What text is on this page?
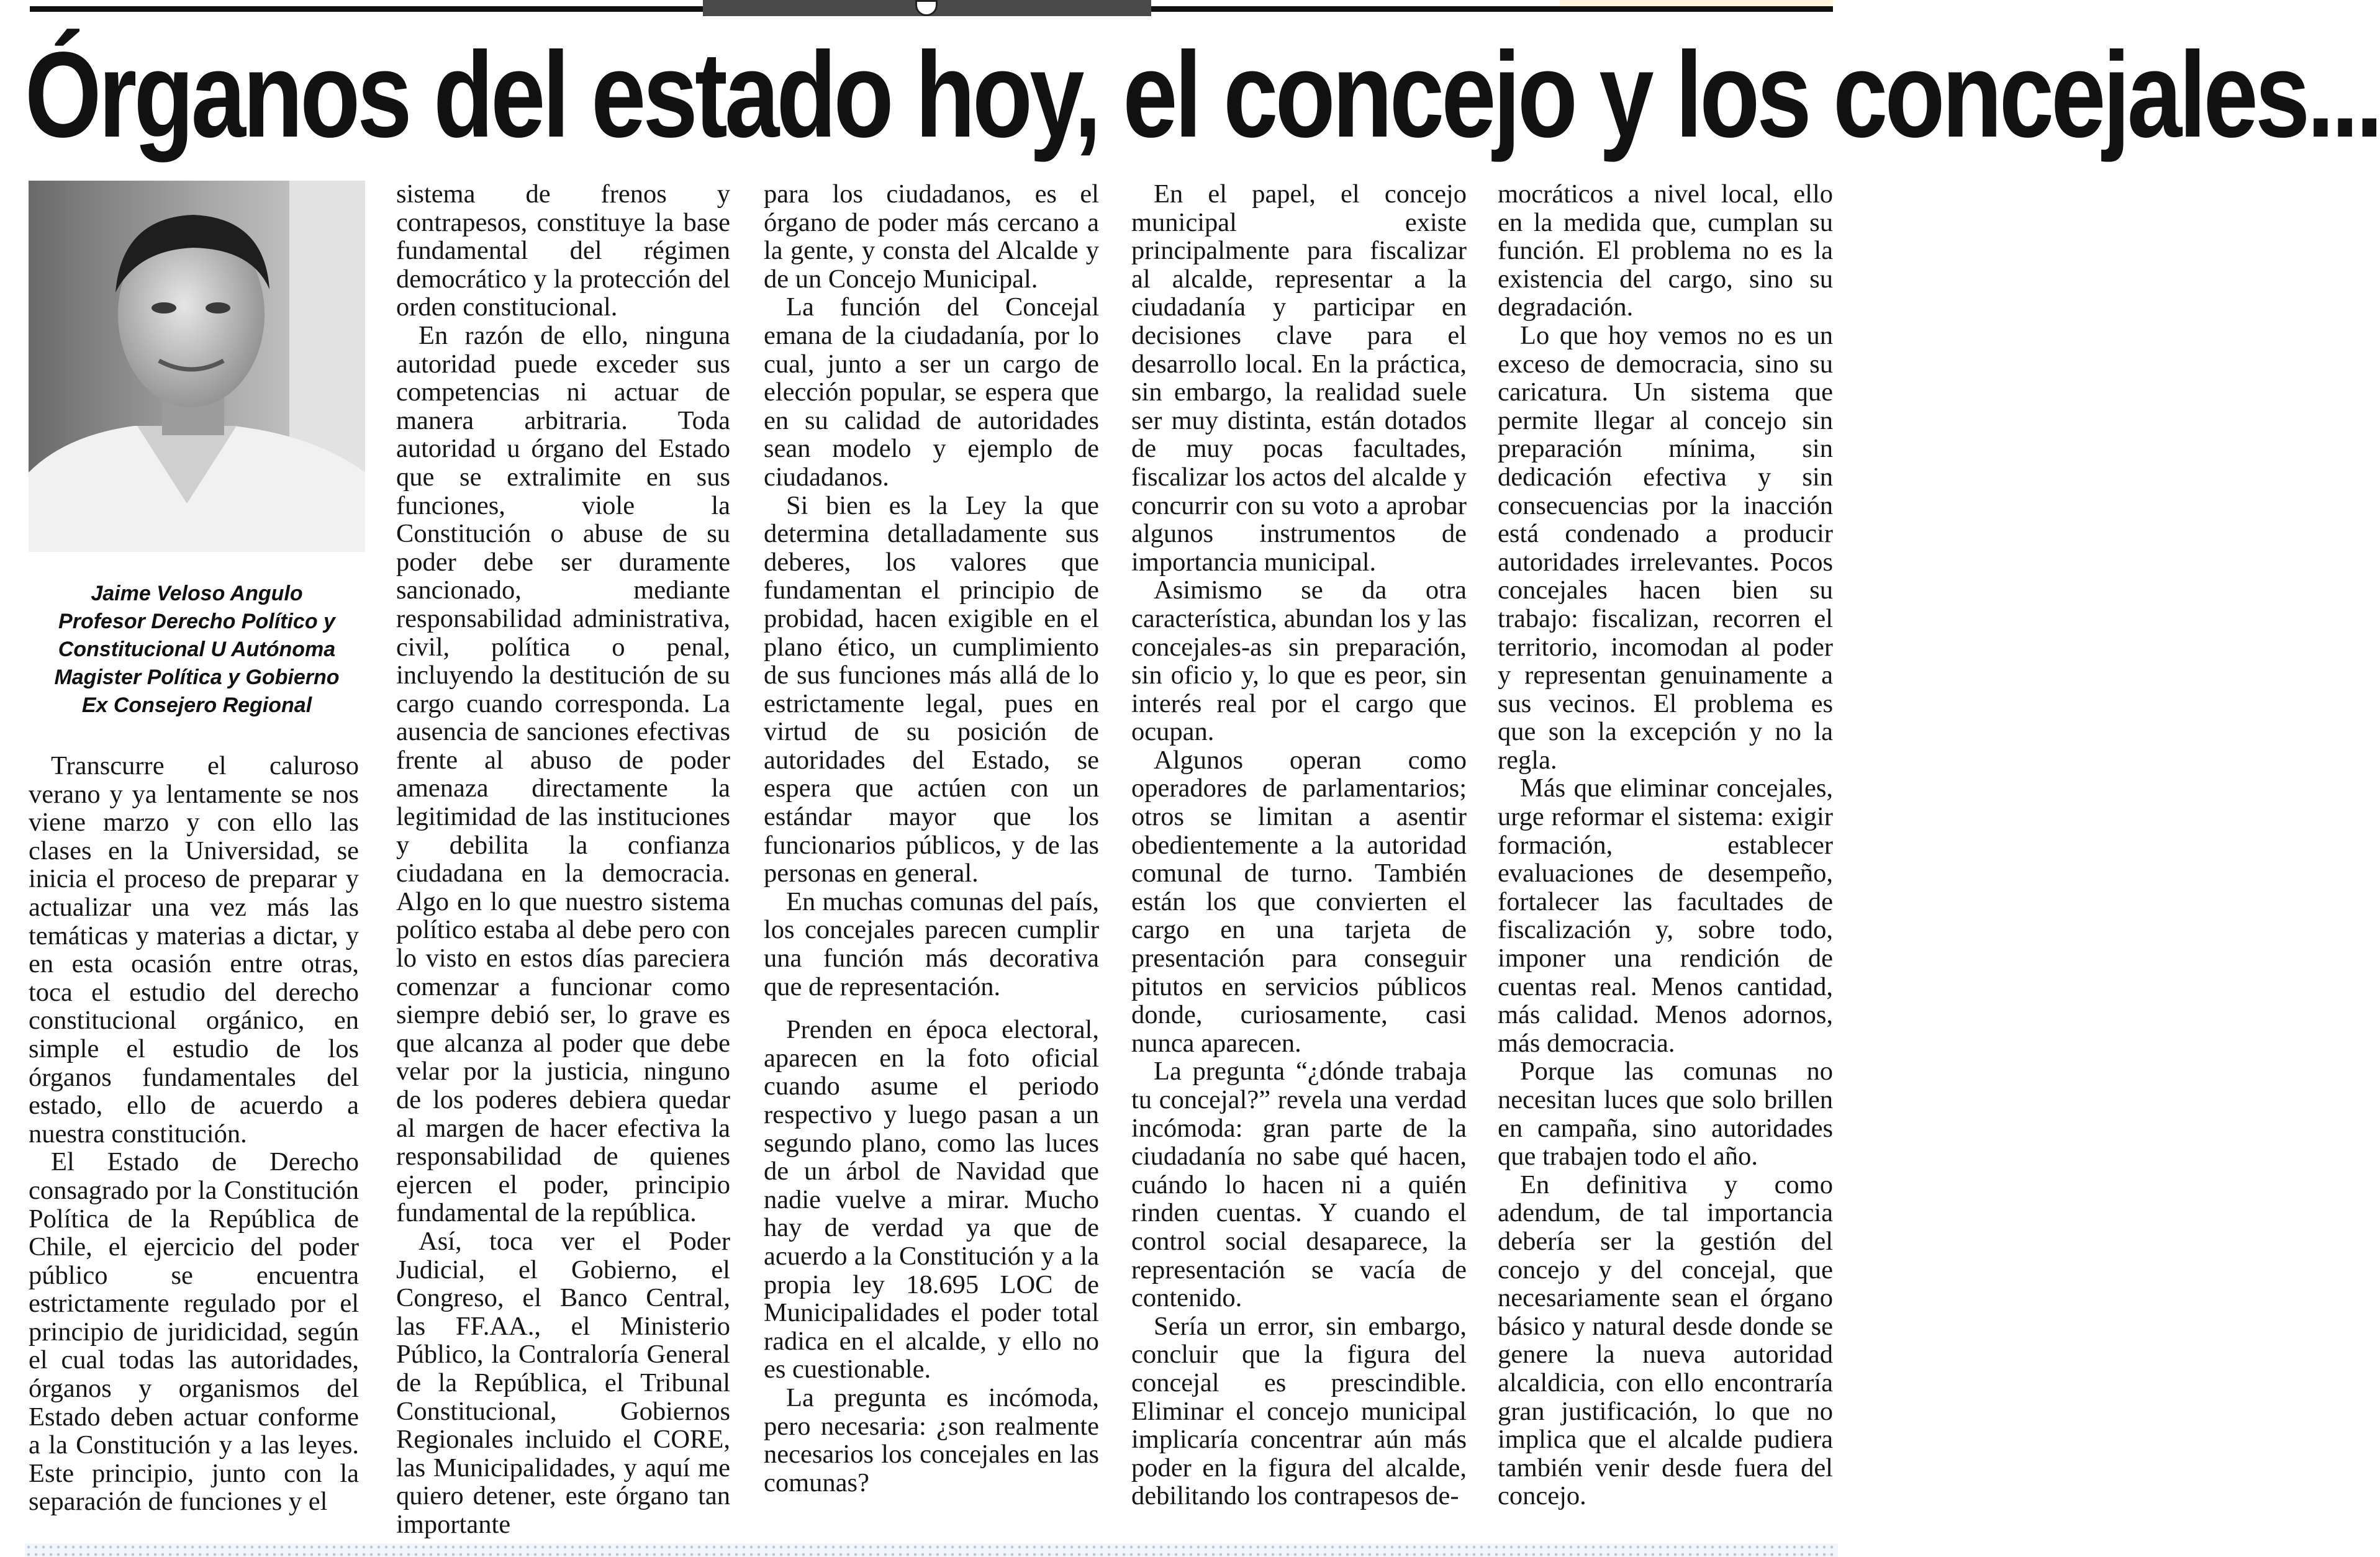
Órganos del estado hoy, el concejo y los concejales...
Jaime Veloso Angulo
Profesor Derecho Político y
Constitucional U Autónoma
Magister Política y Gobierno
Ex Consejero Regional

Transcurre el caluroso verano y ya lentamente se nos viene marzo y con ello las clases en la Universidad, se inicia el proceso de preparar y actualizar una vez más las temáticas y materias a dictar, y en esta ocasión entre otras, toca el estudio del derecho constitucional orgánico, en simple el estudio de los órganos fundamentales del estado, ello de acuerdo a nuestra constitución.

El Estado de Derecho consagrado por la Constitución Política de la República de Chile, el ejercicio del poder público se encuentra estrictamente regulado por el principio de juridicidad, según el cual todas las autoridades, órganos y organismos del Estado deben actuar conforme a la Constitución y a las leyes. Este principio, junto con la separación de funciones y el

sistema de frenos y contrapesos, constituye la base fundamental del régimen democrático y la protección del orden constitucional.

En razón de ello, ninguna autoridad puede exceder sus competencias ni actuar de manera arbitraria. Toda autoridad u órgano del Estado que se extralimite en sus funciones, viole la Constitución o abuse de su poder debe ser duramente sancionado, mediante responsabilidad administrativa, civil, política o penal, incluyendo la destitución de su cargo cuando corresponda. La ausencia de sanciones efectivas frente al abuso de poder amenaza directamente la legitimidad de las instituciones y debilita la confianza ciudadana en la democracia. Algo en lo que nuestro sistema político estaba al debe pero con lo visto en estos días pareciera comenzar a funcionar como siempre debió ser, lo grave es que alcanza al poder que debe velar por la justicia, ninguno de los poderes debiera quedar al margen de hacer efectiva la responsabilidad de quienes ejercen el poder, principio fundamental de la república.

Así, toca ver el Poder Judicial, el Gobierno, el Congreso, el Banco Central, las FF.AA., el Ministerio Público, la Contraloría General de la República, el Tribunal Constitucional, Gobiernos Regionales incluido el CORE, las Municipalidades, y aquí me quiero detener, este órgano tan importante

para los ciudadanos, es el órgano de poder más cercano a la gente, y consta del Alcalde y de un Concejo Municipal.

La función del Concejal emana de la ciudadanía, por lo cual, junto a ser un cargo de elección popular, se espera que en su calidad de autoridades sean modelo y ejemplo de ciudadanos.

Si bien es la Ley la que determina detalladamente sus deberes, los valores que fundamentan el principio de probidad, hacen exigible en el plano ético, un cumplimiento de sus funciones más allá de lo estrictamente legal, pues en virtud de su posición de autoridades del Estado, se espera que actúen con un estándar mayor que los funcionarios públicos, y de las personas en general.

En muchas comunas del país, los concejales parecen cumplir una función más decorativa que de representación.

Prenden en época electoral, aparecen en la foto oficial cuando asume el periodo respectivo y luego pasan a un segundo plano, como las luces de un árbol de Navidad que nadie vuelve a mirar. Mucho hay de verdad ya que de acuerdo a la Constitución y a la propia ley 18.695 LOC de Municipalidades el poder total radica en el alcalde, y ello no es cuestionable.

La pregunta es incómoda, pero necesaria: ¿son realmente necesarios los concejales en las comunas?

En el papel, el concejo municipal existe principalmente para fiscalizar al alcalde, representar a la ciudadanía y participar en decisiones clave para el desarrollo local. En la práctica, sin embargo, la realidad suele ser muy distinta, están dotados de muy pocas facultades, fiscalizar los actos del alcalde y concurrir con su voto a aprobar algunos instrumentos de importancia municipal.

Asimismo se da otra característica, abundan los y las concejales-as sin preparación, sin oficio y, lo que es peor, sin interés real por el cargo que ocupan.

Algunos operan como operadores de parlamentarios; otros se limitan a asentir obedientemente a la autoridad comunal de turno. También están los que convierten el cargo en una tarjeta de presentación para conseguir pitutos en servicios públicos donde, curiosamente, casi nunca aparecen.

La pregunta “¿dónde trabaja tu concejal?” revela una verdad incómoda: gran parte de la ciudadanía no sabe qué hacen, cuándo lo hacen ni a quién rinden cuentas. Y cuando el control social desaparece, la representación se vacía de contenido.

Sería un error, sin embargo, concluir que la figura del concejal es prescindible. Eliminar el concejo municipal implicaría concentrar aún más poder en la figura del alcalde, debilitando los contrapesos de-

mocráticos a nivel local, ello en la medida que, cumplan su función. El problema no es la existencia del cargo, sino su degradación.

Lo que hoy vemos no es un exceso de democracia, sino su caricatura. Un sistema que permite llegar al concejo sin preparación mínima, sin dedicación efectiva y sin consecuencias por la inacción está condenado a producir autoridades irrelevantes. Pocos concejales hacen bien su trabajo: fiscalizan, recorren el territorio, incomodan al poder y representan genuinamente a sus vecinos. El problema es que son la excepción y no la regla.

Más que eliminar concejales, urge reformar el sistema: exigir formación, establecer evaluaciones de desempeño, fortalecer las facultades de fiscalización y, sobre todo, imponer una rendición de cuentas real. Menos cantidad, más calidad. Menos adornos, más democracia.

Porque las comunas no necesitan luces que solo brillen en campaña, sino autoridades que trabajen todo el año.

En definitiva y como adendum, de tal importancia debería ser la gestión del concejo y del concejal, que necesariamente sean el órgano básico y natural desde donde se genere la nueva autoridad alcaldicia, con ello encontraría gran justificación, lo que no implica que el alcalde pudiera también venir desde fuera del concejo.
